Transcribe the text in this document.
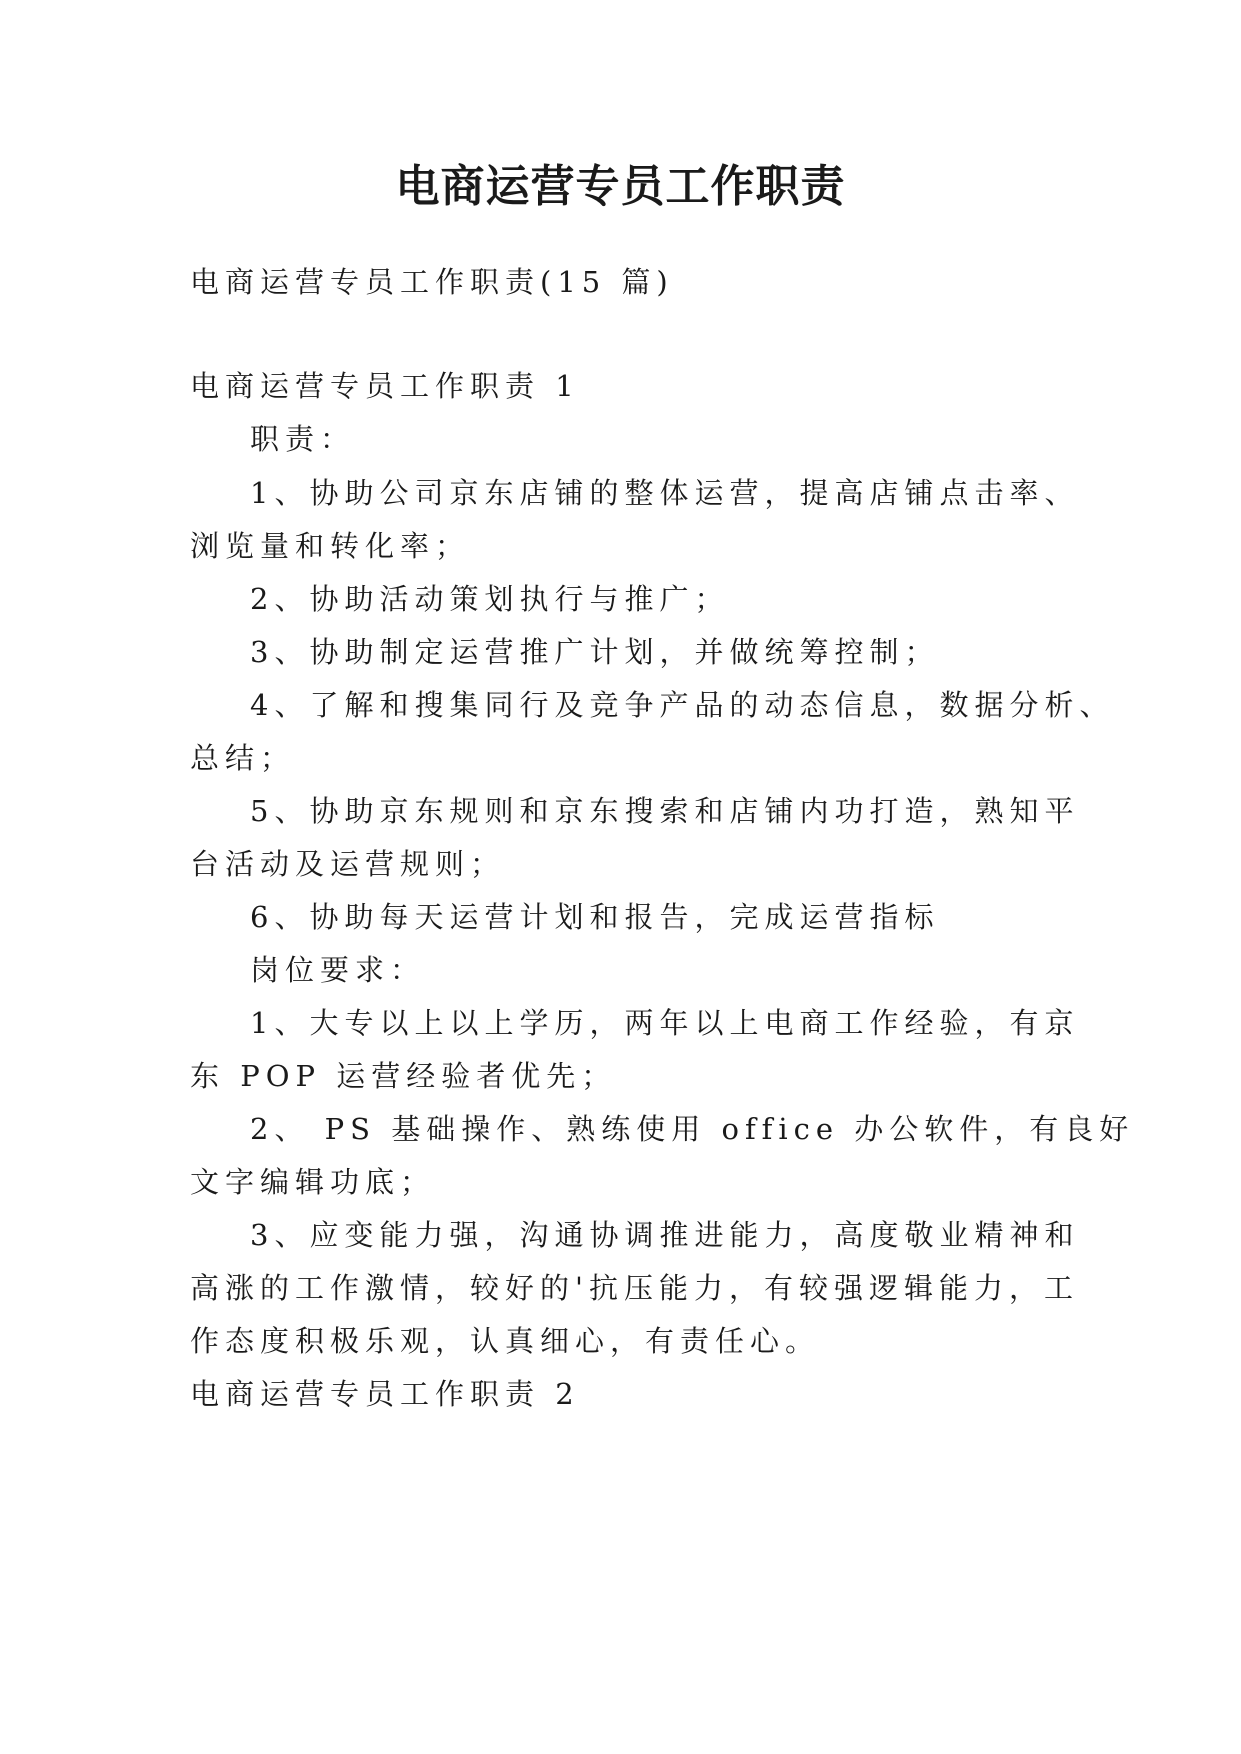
电商运营专员工作职责
电商运营专员工作职责(15 篇)
电商运营专员工作职责 1
职责：
1、协助公司京东店铺的整体运营，提高店铺点击率、
浏览量和转化率；
2、协助活动策划执行与推广；
3、协助制定运营推广计划，并做统筹控制；
4、了解和搜集同行及竞争产品的动态信息，数据分析、
总结；
5、协助京东规则和京东搜索和店铺内功打造，熟知平
台活动及运营规则；
6、协助每天运营计划和报告，完成运营指标
岗位要求：
1、大专以上以上学历，两年以上电商工作经验，有京
东 POP 运营经验者优先；
2、 PS 基础操作、熟练使用 office 办公软件，有良好
文字编辑功底；
3、应变能力强，沟通协调推进能力，高度敬业精神和
高涨的工作激情，较好的'抗压能力，有较强逻辑能力，工
作态度积极乐观，认真细心，有责任心。
电商运营专员工作职责 2
